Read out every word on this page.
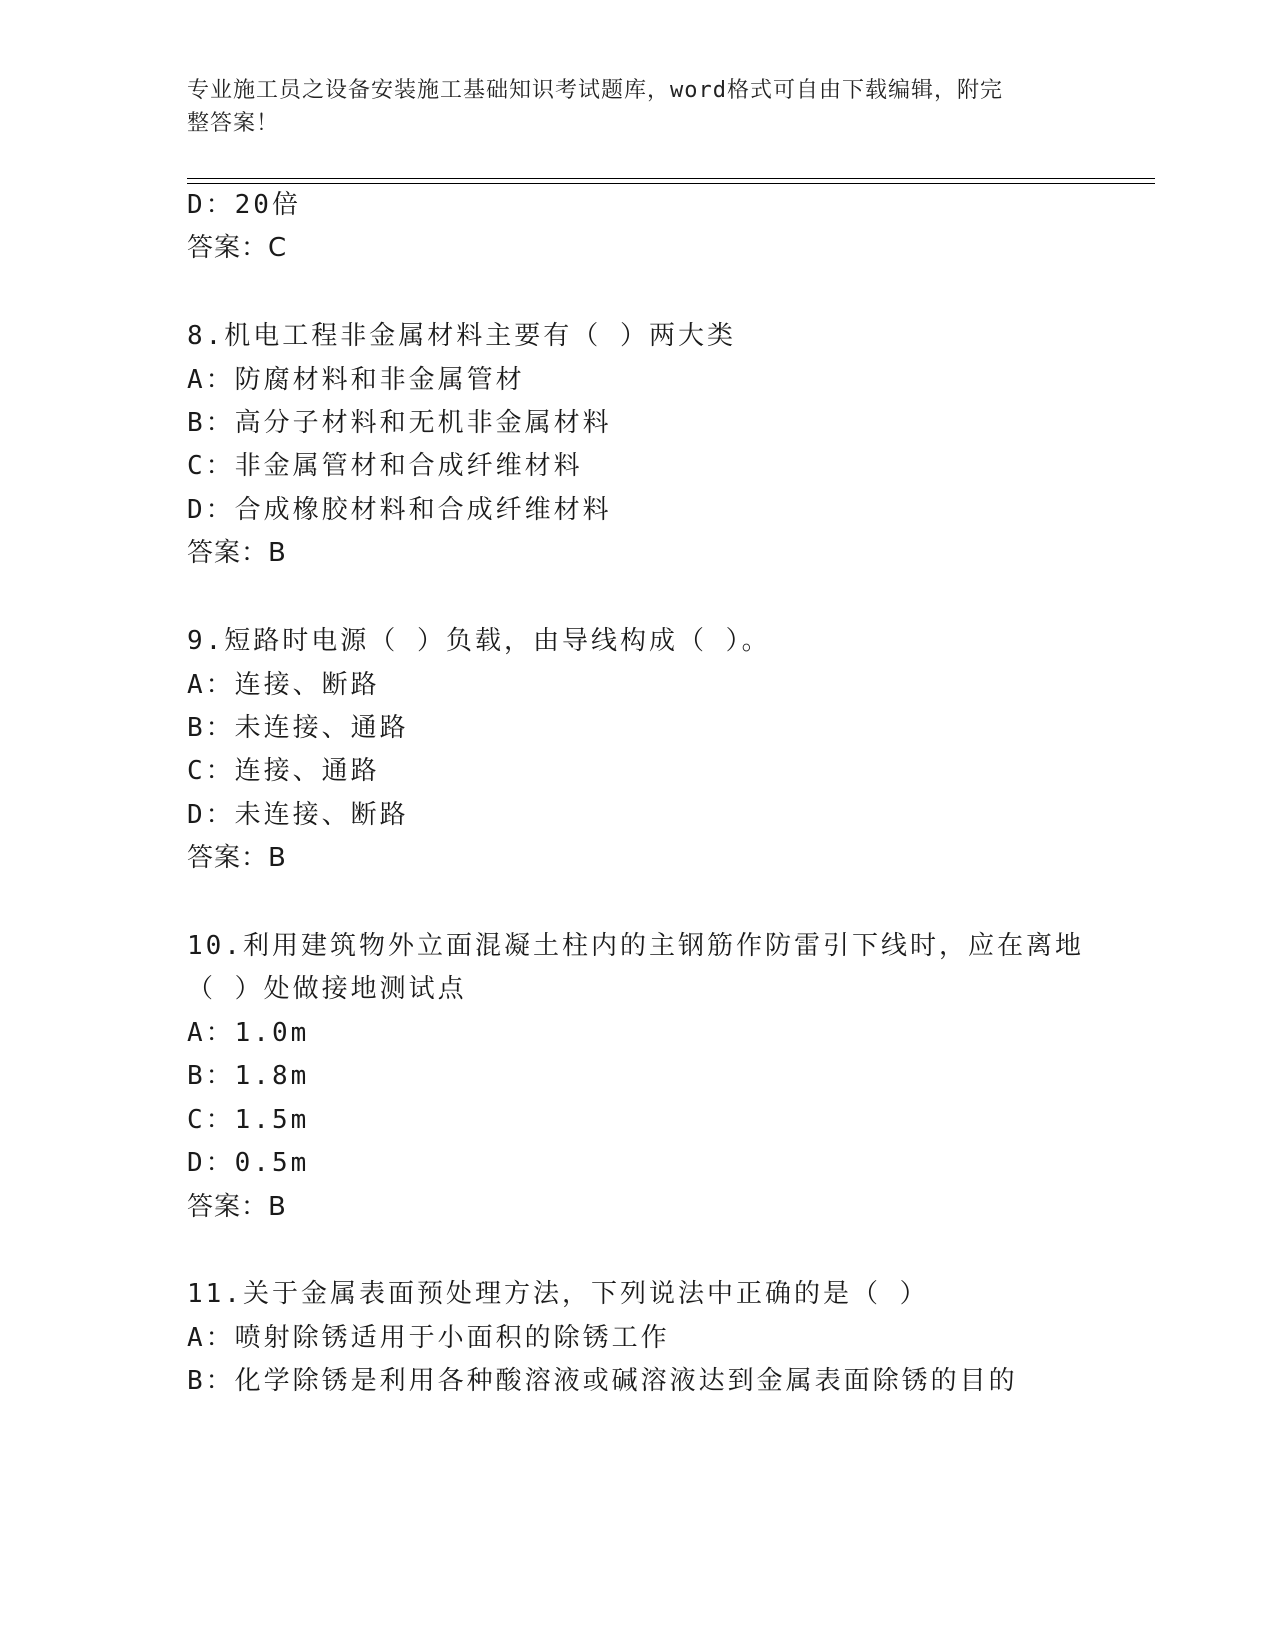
专业施工员之设备安装施工基础知识考试题库，word格式可自由下载编辑，附完
整答案！
D：20倍
答案：C
8.机电工程非金属材料主要有（ ）两大类
A：防腐材料和非金属管材
B：高分子材料和无机非金属材料
C：非金属管材和合成纤维材料
D：合成橡胶材料和合成纤维材料
答案：B
9.短路时电源（ ）负载，由导线构成（ ）。
A：连接、断路
B：未连接、通路
C：连接、通路
D：未连接、断路
答案：B
10.利用建筑物外立面混凝土柱内的主钢筋作防雷引下线时，应在离地
（ ）处做接地测试点
A：1.0m
B：1.8m
C：1.5m
D：0.5m
答案：B
11.关于金属表面预处理方法，下列说法中正确的是（ ）
A：喷射除锈适用于小面积的除锈工作
B：化学除锈是利用各种酸溶液或碱溶液达到金属表面除锈的目的
